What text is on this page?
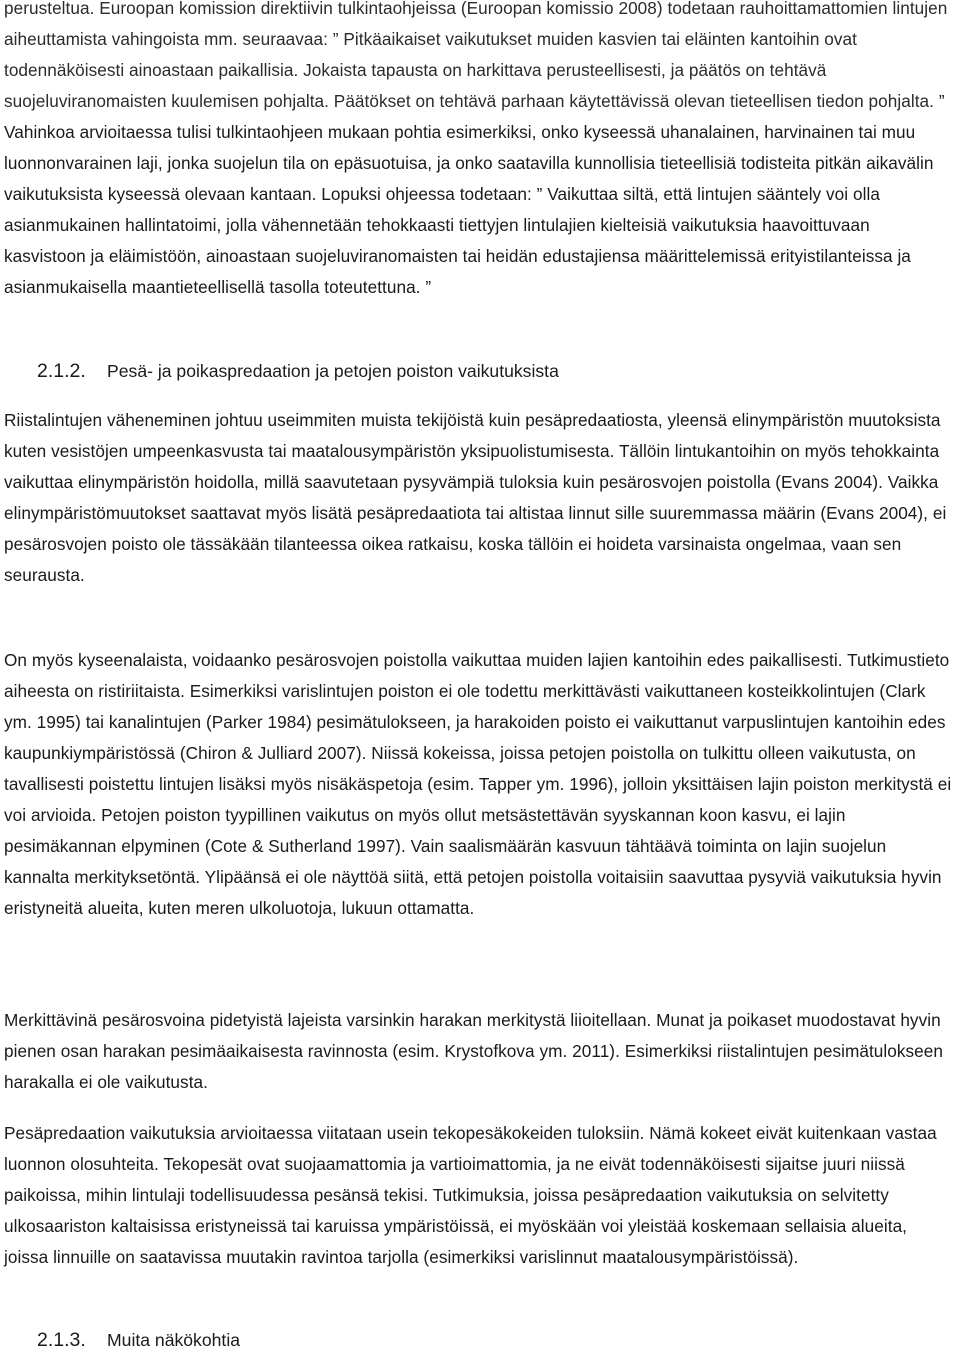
perusteltua. Euroopan komission direktiivin tulkintaohjeissa (Euroopan komissio 2008) todetaan rauhoittamattomien lintujen aiheuttamista vahingoista mm. seuraavaa: ” Pitkäaikaiset vaikutukset muiden kasvien tai eläinten kantoihin ovat todennäköisesti ainoastaan paikallisia. Jokaista tapausta on harkittava perusteellisesti, ja päätös on tehtävä suojeluviranomaisten kuulemisen pohjalta. Päätökset on tehtävä parhaan käytettävissä olevan tieteellisen tiedon pohjalta. ” Vahinkoa arvioitaessa tulisi tulkintaohjeen mukaan pohtia esimerkiksi, onko kyseessä uhanalainen, harvinainen tai muu luonnonvarainen laji, jonka suojelun tila on epäsuotuisa, ja onko saatavilla kunnollisia tieteellisiä todisteita pitkän aikavälin vaikutuksista kyseessä olevaan kantaan. Lopuksi ohjeessa todetaan: ” Vaikuttaa siltä, että lintujen sääntely voi olla asianmukainen hallintatoimi, jolla vähennetään tehokkaasti tiettyjen lintulajien kielteisiä vaikutuksia haavoittuvaan kasvistoon ja eläimistöön, ainoastaan suojeluviranomaisten tai heidän edustajiensa määrittelemissä erityistilanteissa ja asianmukaisella maantieteellisellä tasolla toteutettuna. ”

2.1.2. Pesä- ja poikaspredaation ja petojen poiston vaikutuksista

Riistalintujen väheneminen johtuu useimmiten muista tekijöistä kuin pesäpredaatiosta, yleensä elinympäristön muutoksista kuten vesistöjen umpeenkasvusta tai maatalousympäristön yksipuolistumisesta. Tällöin lintukantoihin on myös tehokkainta vaikuttaa elinympäristön hoidolla, millä saavutetaan pysyvämpiä tuloksia kuin pesärosvojen poistolla (Evans 2004). Vaikka elinympäristömuutokset saattavat myös lisätä pesäpredaatiota tai altistaa linnut sille suuremmassa määrin (Evans 2004), ei pesärosvojen poisto ole tässäkään tilanteessa oikea ratkaisu, koska tällöin ei hoideta varsinaista ongelmaa, vaan sen seurausta.

On myös kyseenalaista, voidaanko pesärosvojen poistolla vaikuttaa muiden lajien kantoihin edes paikallisesti. Tutkimustieto aiheesta on ristiriitaista. Esimerkiksi varislintujen poiston ei ole todettu merkittävästi vaikuttaneen kosteikkolintujen (Clark ym. 1995) tai kanalintujen (Parker 1984) pesimätulokseen, ja harakoiden poisto ei vaikuttanut varpuslintujen kantoihin edes kaupunkiympäristössä (Chiron & Julliard 2007). Niissä kokeissa, joissa petojen poistolla on tulkittu olleen vaikutusta, on tavallisesti poistettu lintujen lisäksi myös nisäkäspetoja (esim. Tapper ym. 1996), jolloin yksittäisen lajin poiston merkitystä ei voi arvioida. Petojen poiston tyypillinen vaikutus on myös ollut metsästettävän syyskannan koon kasvu, ei lajin pesimäkannan elpyminen (Cote & Sutherland 1997). Vain saalismäärän kasvuun tähtäävä toiminta on lajin suojelun kannalta merkityksetöntä. Ylipäänsä ei ole näyttöä siitä, että petojen poistolla voitaisiin saavuttaa pysyviä vaikutuksia hyvin eristyneitä alueita, kuten meren ulkoluotoja, lukuun ottamatta.

Merkittävinä pesärosvoina pidetyistä lajeista varsinkin harakan merkitystä liioitellaan. Munat ja poikaset muodostavat hyvin pienen osan harakan pesimäaikaisesta ravinnosta (esim. Krystofkova ym. 2011). Esimerkiksi riistalintujen pesimätulokseen harakalla ei ole vaikutusta.

Pesäpredaation vaikutuksia arvioitaessa viitataan usein tekopesäkokeiden tuloksiin. Nämä kokeet eivät kuitenkaan vastaa luonnon olosuhteita. Tekopesät ovat suojaamattomia ja vartioimattomia, ja ne eivät todennäköisesti sijaitse juuri niissä paikoissa, mihin lintulaji todellisuudessa pesänsä tekisi. Tutkimuksia, joissa pesäpredaation vaikutuksia on selvitetty ulkosaariston kaltaisissa eristyneissä tai karuissa ympäristöissä, ei myöskään voi yleistää koskemaan sellaisia alueita, joissa linnuille on saatavissa muutakin ravintoa tarjolla (esimerkiksi varislinnut maatalousympäristöissä).

2.1.3. Muita näkökohtia
